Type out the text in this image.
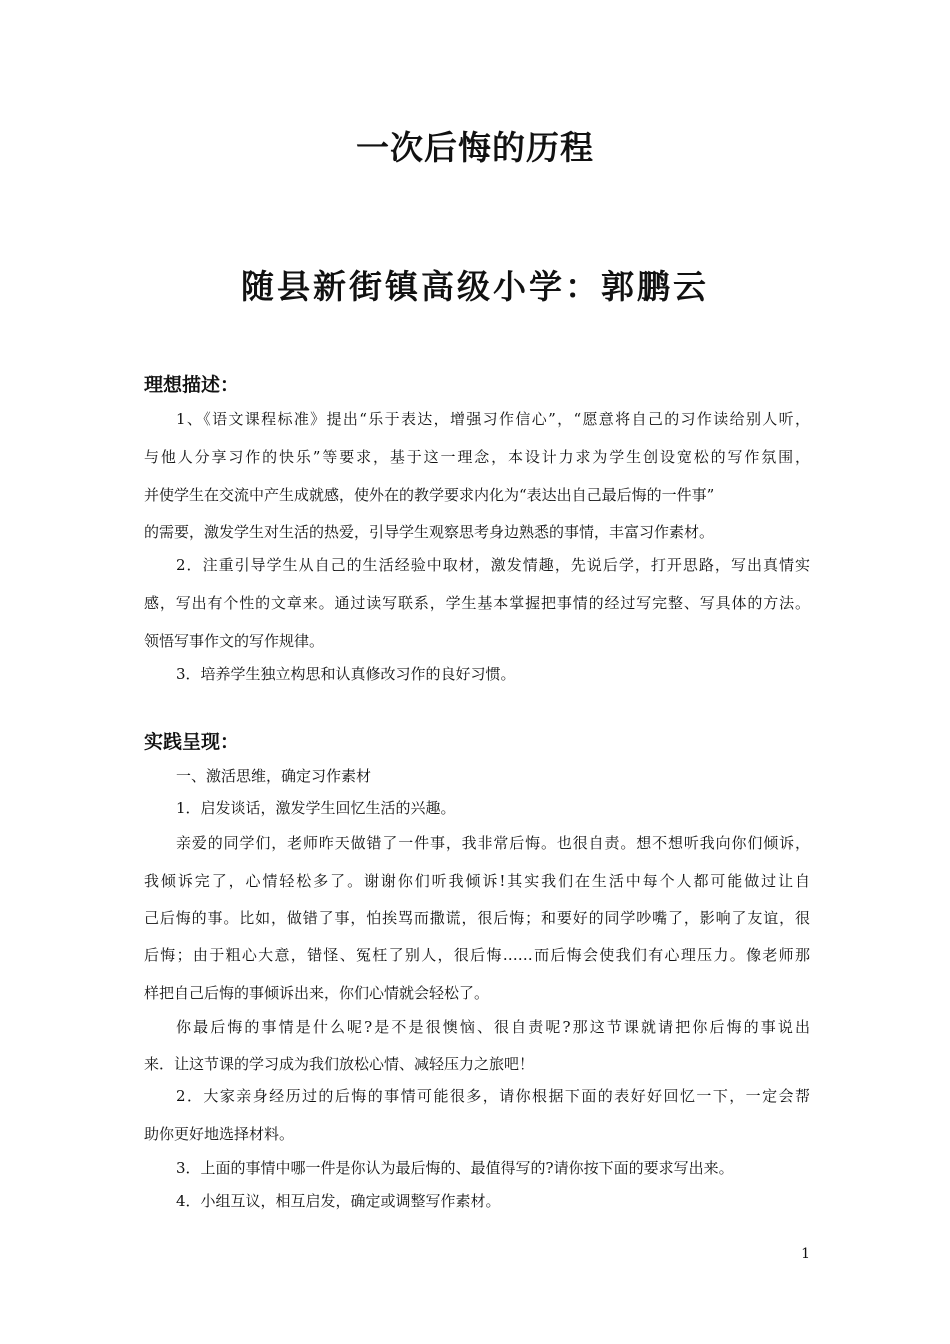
一次后悔的历程
随县新街镇高级小学：郭鹏云
理想描述：

1、《语文课程标准》提出“乐于表达，增强习作信心”，“愿意将自己的习作读给别人听，

与他人分享习作的快乐”等要求，基于这一理念，本设计力求为学生创设宽松的写作氛围，

并使学生在交流中产生成就感，使外在的教学要求内化为“表达出自己最后悔的一件事”

的需要，激发学生对生活的热爱，引导学生观察思考身边熟悉的事情，丰富习作素材。

2．注重引导学生从自己的生活经验中取材，激发情趣，先说后学，打开思路，写出真情实

感，写出有个性的文章来。通过读写联系，学生基本掌握把事情的经过写完整、写具体的方法。

领悟写事作文的写作规律。

3．培养学生独立构思和认真修改习作的良好习惯。

实践呈现：

一、激活思维，确定习作素材

1．启发谈话，激发学生回忆生活的兴趣。

亲爱的同学们，老师昨天做错了一件事，我非常后悔。也很自责。想不想听我向你们倾诉，

我倾诉完了，心情轻松多了。谢谢你们听我倾诉!其实我们在生活中每个人都可能做过让自

己后悔的事。比如，做错了事，怕挨骂而撒谎，很后悔；和要好的同学吵嘴了，影响了友谊，很

后悔；由于粗心大意，错怪、冤枉了别人，很后悔……而后悔会使我们有心理压力。像老师那

样把自己后悔的事倾诉出来，你们心情就会轻松了。

你最后悔的事情是什么呢?是不是很懊恼、很自责呢?那这节课就请把你后悔的事说出

来．让这节课的学习成为我们放松心情、减轻压力之旅吧！

2．大家亲身经历过的后悔的事情可能很多，请你根据下面的表好好回忆一下，一定会帮

助你更好地选择材料。

3．上面的事情中哪一件是你认为最后悔的、最值得写的?请你按下面的要求写出来。

4．小组互议，相互启发，确定或调整写作素材。

1
